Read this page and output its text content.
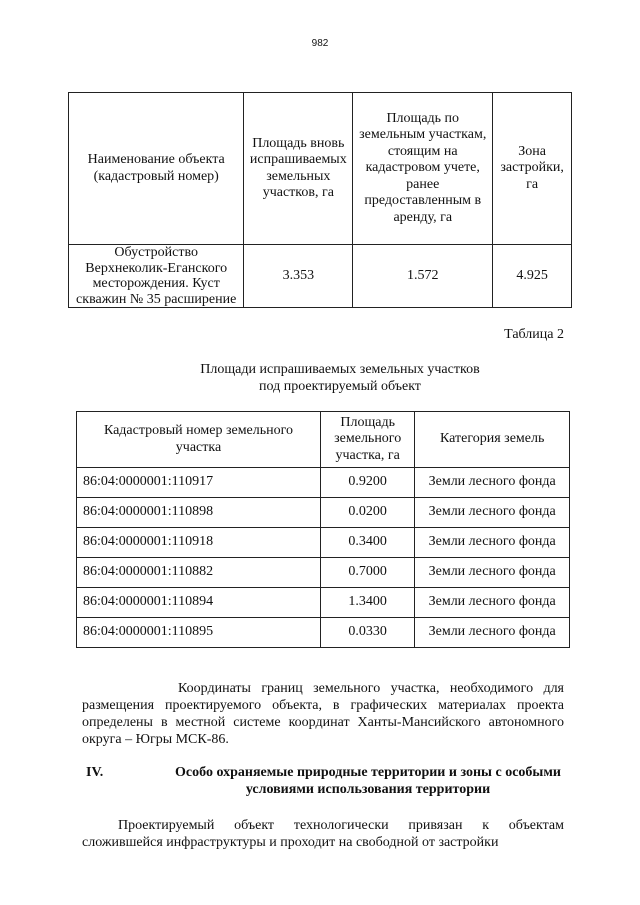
982
Наименование объекта (кадастровый номер)	Площадь вновь испрашиваемых земельных участков, га	Площадь по земельным участкам, стоящим на кадастровом учете, ранее предоставленным в аренду, га	Зона застройки, га
Обустройство Верхнеколик-Еганского месторождения. Куст скважин № 35 расширение	3.353	1.572	4.925
Таблица 2
Площади испрашиваемых земельных участков
под проектируемый объект
Кадастровый номер земельного участка	Площадь земельного участка, га	Категория земель
86:04:0000001:110917	0.9200	Земли лесного фонда
86:04:0000001:110898	0.0200	Земли лесного фонда
86:04:0000001:110918	0.3400	Земли лесного фонда
86:04:0000001:110882	0.7000	Земли лесного фонда
86:04:0000001:110894	1.3400	Земли лесного фонда
86:04:0000001:110895	0.0330	Земли лесного фонда
Координаты границ земельного участка, необходимого для размещения проектируемого объекта, в графических материалах проекта определены в местной системе координат Ханты-Мансийского автономного округа – Югры МСК-86.
IV.	Особо охраняемые природные территории и зоны с особыми условиями использования территории
Проектируемый объект технологически привязан к объектам сложившейся инфраструктуры и проходит на свободной от застройки
